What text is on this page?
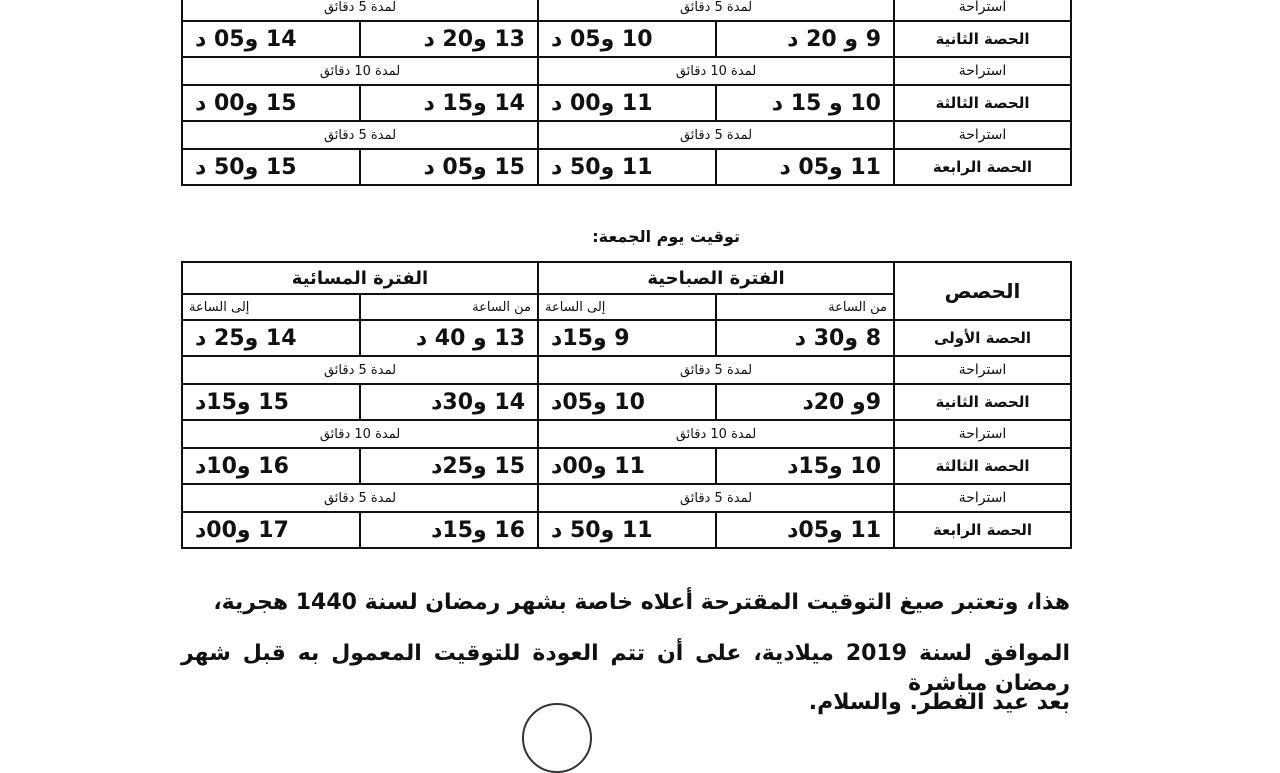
استراحة	لمدة 5 دقائق		لمدة 5 دقائق	
الحصة الثانية	9 و 20 د	10 و05 د	13 و20 د	14 و05 د
استراحة	لمدة 10 دقائق		لمدة 10 دقائق	
الحصة الثالثة	10 و 15 د	11 و00 د	14 و15 د	15 و00 د
استراحة	لمدة 5 دقائق		لمدة 5 دقائق	
الحصة الرابعة	11 و05 د	11 و50 د	15 و05 د	15 و50 د
توقيت يوم الجمعة:
الحصص	الفترة الصباحية		الفترة المسائية	
	من الساعة	إلى الساعة	من الساعة	إلى الساعة
الحصة الأولى	8 و30 د	9 و15د	13 و 40 د	14 و25 د
استراحة	لمدة 5 دقائق		لمدة 5 دقائق	
الحصة الثانية	9و 20د	10 و05د	14 و30د	15 و15د
استراحة	لمدة 10 دقائق		لمدة 10 دقائق	
الحصة الثالثة	10 و15د	11 و00د	15 و25د	16 و10د
استراحة	لمدة 5 دقائق		لمدة 5 دقائق	
الحصة الرابعة	11 و05د	11 و50 د	16 و15د	17 و00د
هذا، وتعتبر صيغ التوقيت المقترحة أعلاه خاصة بشهر رمضان لسنة 1440 هجرية،
الموافق لسنة 2019 ميلادية، على أن تتم العودة للتوقيت المعمول به قبل شهر رمضان مباشرة
بعد عيد الفطر. والسلام.
